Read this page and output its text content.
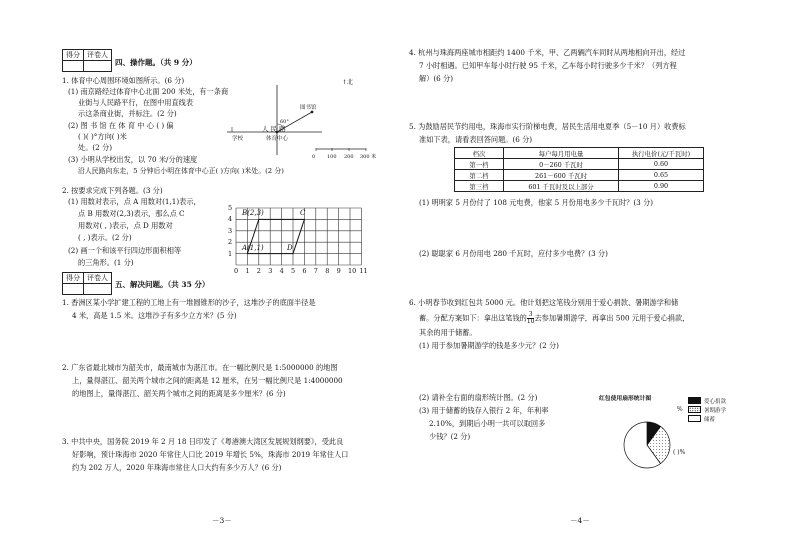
得分	评卷人

四、操作题。（共 9 分）
1. 体育中心周围环境如图所示。(6 分)
(1) 南京路经过体育中心北面 200 米处，有一条商
业街与人民路平行，在图中用直线表
示这条商业街，并标注。(2 分)
(2) 图 书 馆 在 体 育 中 心 ( ) 偏
( )( )°方向( )米
处。(2 分)
(3) 小明从学校出发，以 70 米/分的速度
沿人民路向东走，5 分钟后小明在体育中心正( )方向( )米处。(2 分)
↑北
图书馆
人 民 路
学校	体育中心
60°
0 100 200 300 米
2. 按要求完成下列各题。(3 分)
(1) 用数对表示，点 A 用数对(1,1)表示，
点 B 用数对(2,3)表示，那么点 C
用数对( , )表示，点 D 用数对
( , )表示。(2 分)
(2) 画一个和该平行四边形面积相等
的三角形。(1 分)
0 1 2 3 4 5 6 7 8 9 10 11
1
2
3
4
5
B(2,3)	C
A(1,1)	D
得分	评卷人

五、解决问题。（共 35 分）
1. 香洲区某小学扩建工程的工地上有一堆圆锥形的沙子，这堆沙子的底面半径是
4 米，高是 1.5 米。这堆沙子有多少立方米？(5 分)
2. 广东省最北城市为韶关市，最南城市为湛江市。在一幅比例尺是 1:5000000 的地图
上，量得湛江、韶关两个城市之间的距离是 12 厘米，在另一幅比例尺是 1:4000000
的地图上，量得湛江、韶关两个城市之间的距离是多少厘米？(6 分)
3. 中共中央，国务院 2019 年 2 月 18 日印发了《粤港澳大湾区发展规划纲要》，受此良
好影响，预计珠海市 2020 年常住人口比 2019 年增长 5%，珠海市 2019 年常住人口
约为 202 万人，2020 年珠海市常住人口大约有多少万人？(6 分)
－3－
4. 杭州与珠海两座城市相距约 1400 千米，甲、乙两辆汽车同时从两地相向开出，经过
7 小时相遇。已知甲车每小时行驶 95 千米，乙车每小时行驶多少千米？（列方程
解）(6 分)
5. 为鼓励居民节约用电，珠海市实行阶梯电费，居民生活用电夏季（5－10 月）收费标
准如下表，请看表回答问题。(6 分)
档次	每户每月用电量	执行电价(元/千瓦时)
第一档	0－260 千瓦时	0.60
第二档	261－600 千瓦时	0.65
第三档	601 千瓦时及以上部分	0.90
(1) 明明家 5 月份付了 108 元电费，他家 5 月份用电多少千瓦时？(3 分)
(2) 聪聪家 6 月份用电 280 千瓦时，应付多少电费？(3 分)
6. 小明春节收到红包共 5000 元。他计划把这笔钱分别用于爱心捐款、暑期游学和储
蓄。分配方案如下：拿出这笔钱的 $\frac{3}{10}$ 去参加暑期游学，再拿出 500 元用于爱心捐款，
其余的用于储蓄。
(1) 用于参加暑期游学的钱是多少元？(2 分)
(2) 请补全右面的扇形统计图。(2 分)
(3) 用于储蓄的钱存入银行 2 年，年利率
2.10%，到期后小明一共可以取回多
少钱？(2 分)
红包使用扇形统计图
%
( )%
爱心捐款
暑期游学
储蓄
－4－
